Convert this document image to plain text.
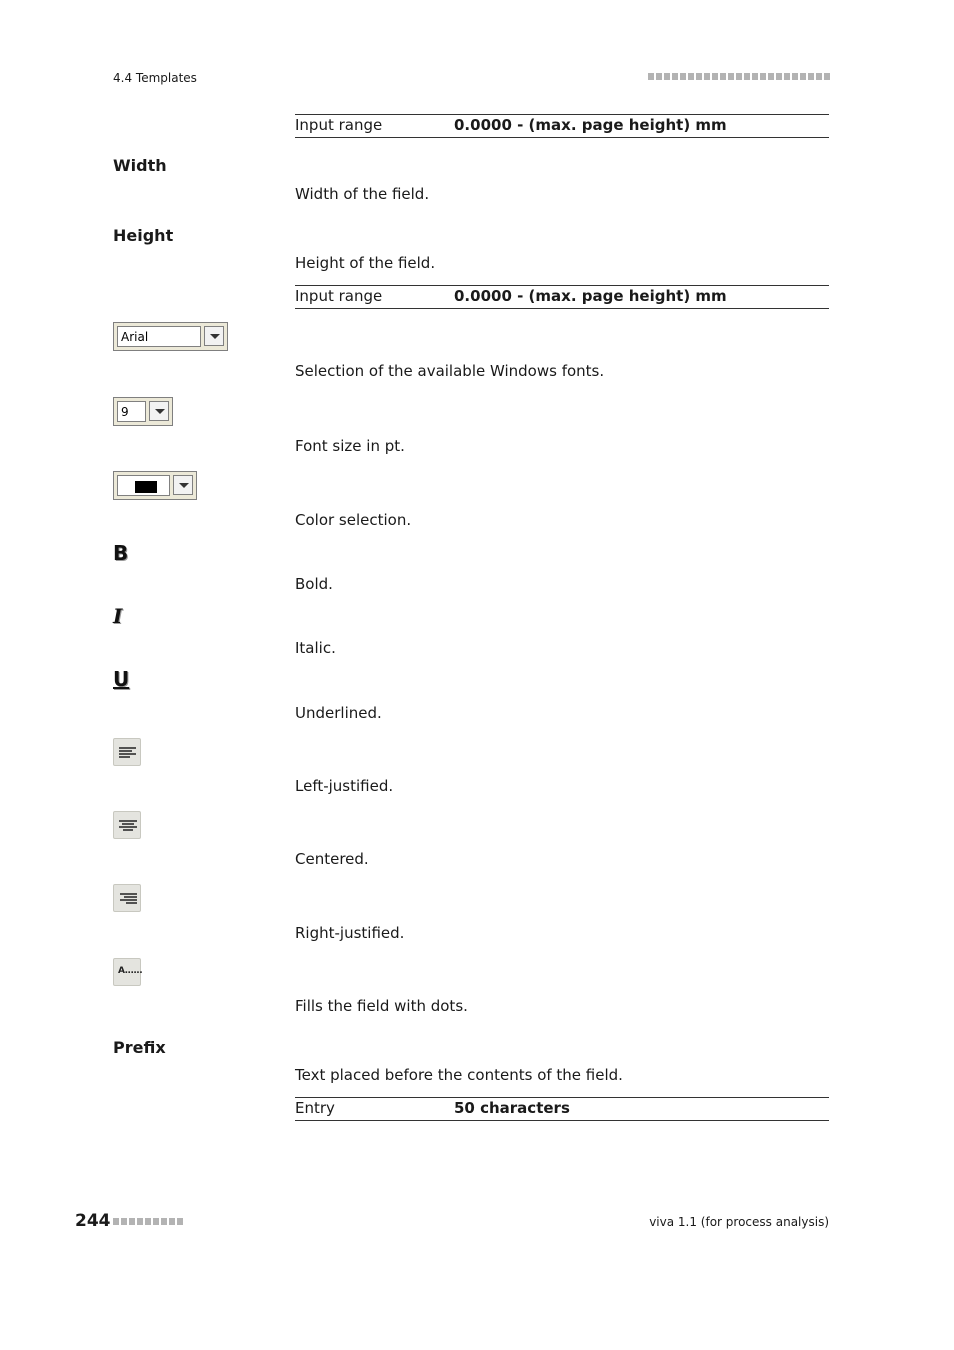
4.4 Templates
Input range	0.0000 - (max. page height) mm
Width
Width of the field.
Height
Height of the field.
Input range	0.0000 - (max. page height) mm
Arial
Selection of the available Windows fonts.
9
Font size in pt.
Color selection.
B
Bold.
I
Italic.
U
Underlined.
Left-justified.
Centered.
Right-justified.
A......
Fills the field with dots.
Prefix
Text placed before the contents of the field.
Entry	50 characters
244	viva 1.1 (for process analysis)
